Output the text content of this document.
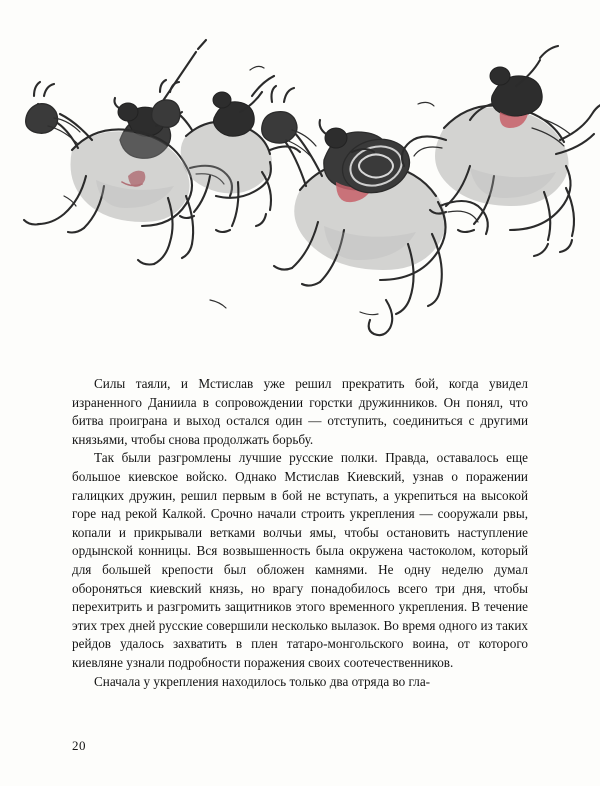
Силы таяли, и Мстислав уже решил прекратить бой, когда увидел израненного Даниила в сопровождении горстки дружинников. Он понял, что битва проиграна и выход остался один — отступить, соединиться с другими князьями, чтобы снова продолжать борьбу.

Так были разгромлены лучшие русские полки. Правда, оставалось еще большое киевское войско. Однако Мстислав Киевский, узнав о поражении галицких дружин, решил первым в бой не вступать, а укрепиться на высокой горе над рекой Калкой. Срочно начали строить укрепления — сооружали рвы, копали и прикрывали ветками волчьи ямы, чтобы остановить наступление ордынской конницы. Вся возвышенность была окружена частоколом, который для большей крепости был обложен камнями. Не одну неделю думал обороняться киевский князь, но врагу понадобилось всего три дня, чтобы перехитрить и разгромить защитников этого временного укрепления. В течение этих трех дней русские совершили несколько вылазок. Во время одного из таких рейдов удалось захватить в плен татаро-монгольского воина, от которого киевляне узнали подробности поражения своих соотечественников.

Сначала у укрепления находилось только два отряда во гла-

20
